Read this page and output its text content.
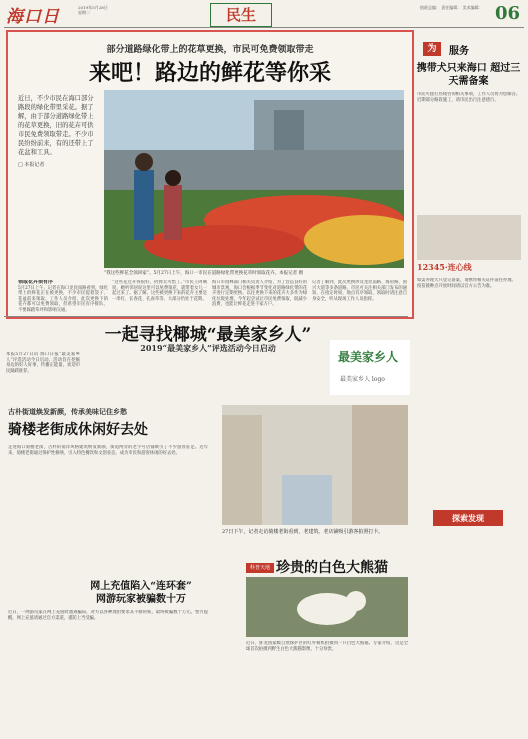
海口日	2019年5月28日
星期二	民生	值班总编： 责任编辑： 美术编辑： 06
部分道路绿化带上的花草更换，市民可免费领取带走
来吧！路边的鲜花等你采
近日，不少市民在海口部分路段的绿化带里采花。据了解，由于部分道路绿化带上的花草更换，旧的花卉可供市民免费领取带走。不少市民纷纷前来，有的还带上了花盆和工具。
□ 本报记者
“我这些鲜花全领回家”。5月27日上午，海口一市民在道路绿化带更换花草时领取花卉。本报记者 摄
领取花卉须有序
5月27日上午，记者在海口龙昆南路看到，绿化带上的鲜花正在被更换，不少市民提着袋子、花盆前来领取。工作人员介绍，此次更换下的花卉都可以免费领取，但希望市民有序排队，不要踩踏草坪和影响交通。
“这些花还开得很好，扔掉太可惜了。”市民王阿姨说，她听邻居说这里可以免费领花，就带着女儿一起过来了。据了解，这些被更换下来的花卉主要是一串红、长春花、孔雀草等，大部分仍处于花期。
海口市园林部门相关负责人介绍，为了营造良好的城市景观，海口会根据季节变化对道路绿化带的花卉进行定期更换。以往更换下来的花卉大多作为绿化垃圾处理，今年起尝试让市民免费领取，既减少浪费，也能让鲜花走进千家万户。
记者了解到，此次更换涉及龙昆南路、海府路、国兴大道等多条道路。市民可关注相关部门发布的通知，在指定时间、地点有序领取，领取时请注意自身安全，听从现场工作人员指挥。
为	服务
携带犬只来海口 超过三天需备案
市民可拨打热线咨询相关事项，工作人员将为您解答。
近期部分路段施工，请市民出行注意绕行。
12345·连心线
如需办理犬只登记备案，请携带相关证件前往办理。
疫苗接种点开放时间请以官方公告为准。
探索发现
一起寻找椰城“最美家乡人”
2019“最美家乡人”评选活动今日启动
本报5月27日讯 海口日报“最美家乡人”评选活动今日启动。活动旨在挖掘身边的好人好事，传播正能量，欢迎市民踊跃推荐。
最美家乡人
最美家乡人 logo
古朴街道焕发新颜，传承美味记住乡愁
骑楼老街成休闲好去处
走进海口骑楼老街，古朴的南洋风格建筑焕发新颜，街道两旁的老字号店铺吸引了不少游客驻足。近年来，骑楼老街通过保护性修缮，引入特色餐饮和文创业态，成为市民和游客休闲的好去处。
27日下午，记者走访骑楼老街看到，老建筑、老店铺吸引游客拍照打卡。
网上充值陷入“连环套” 网游玩家被骗数十万
近日，一网游玩家在网上充值时遭遇骗局，对方以各种理由要求其不断转账，最终被骗数十万元。警方提醒，网上充值请通过官方渠道，谨防上当受骗。
科普天地 珍贵的白色大熊猫
近日，卧龙国家级自然保护区的红外相机拍摄到一只白色大熊猫。专家介绍，这是全球首次拍摄到野生白色大熊猫影像，十分珍贵。
